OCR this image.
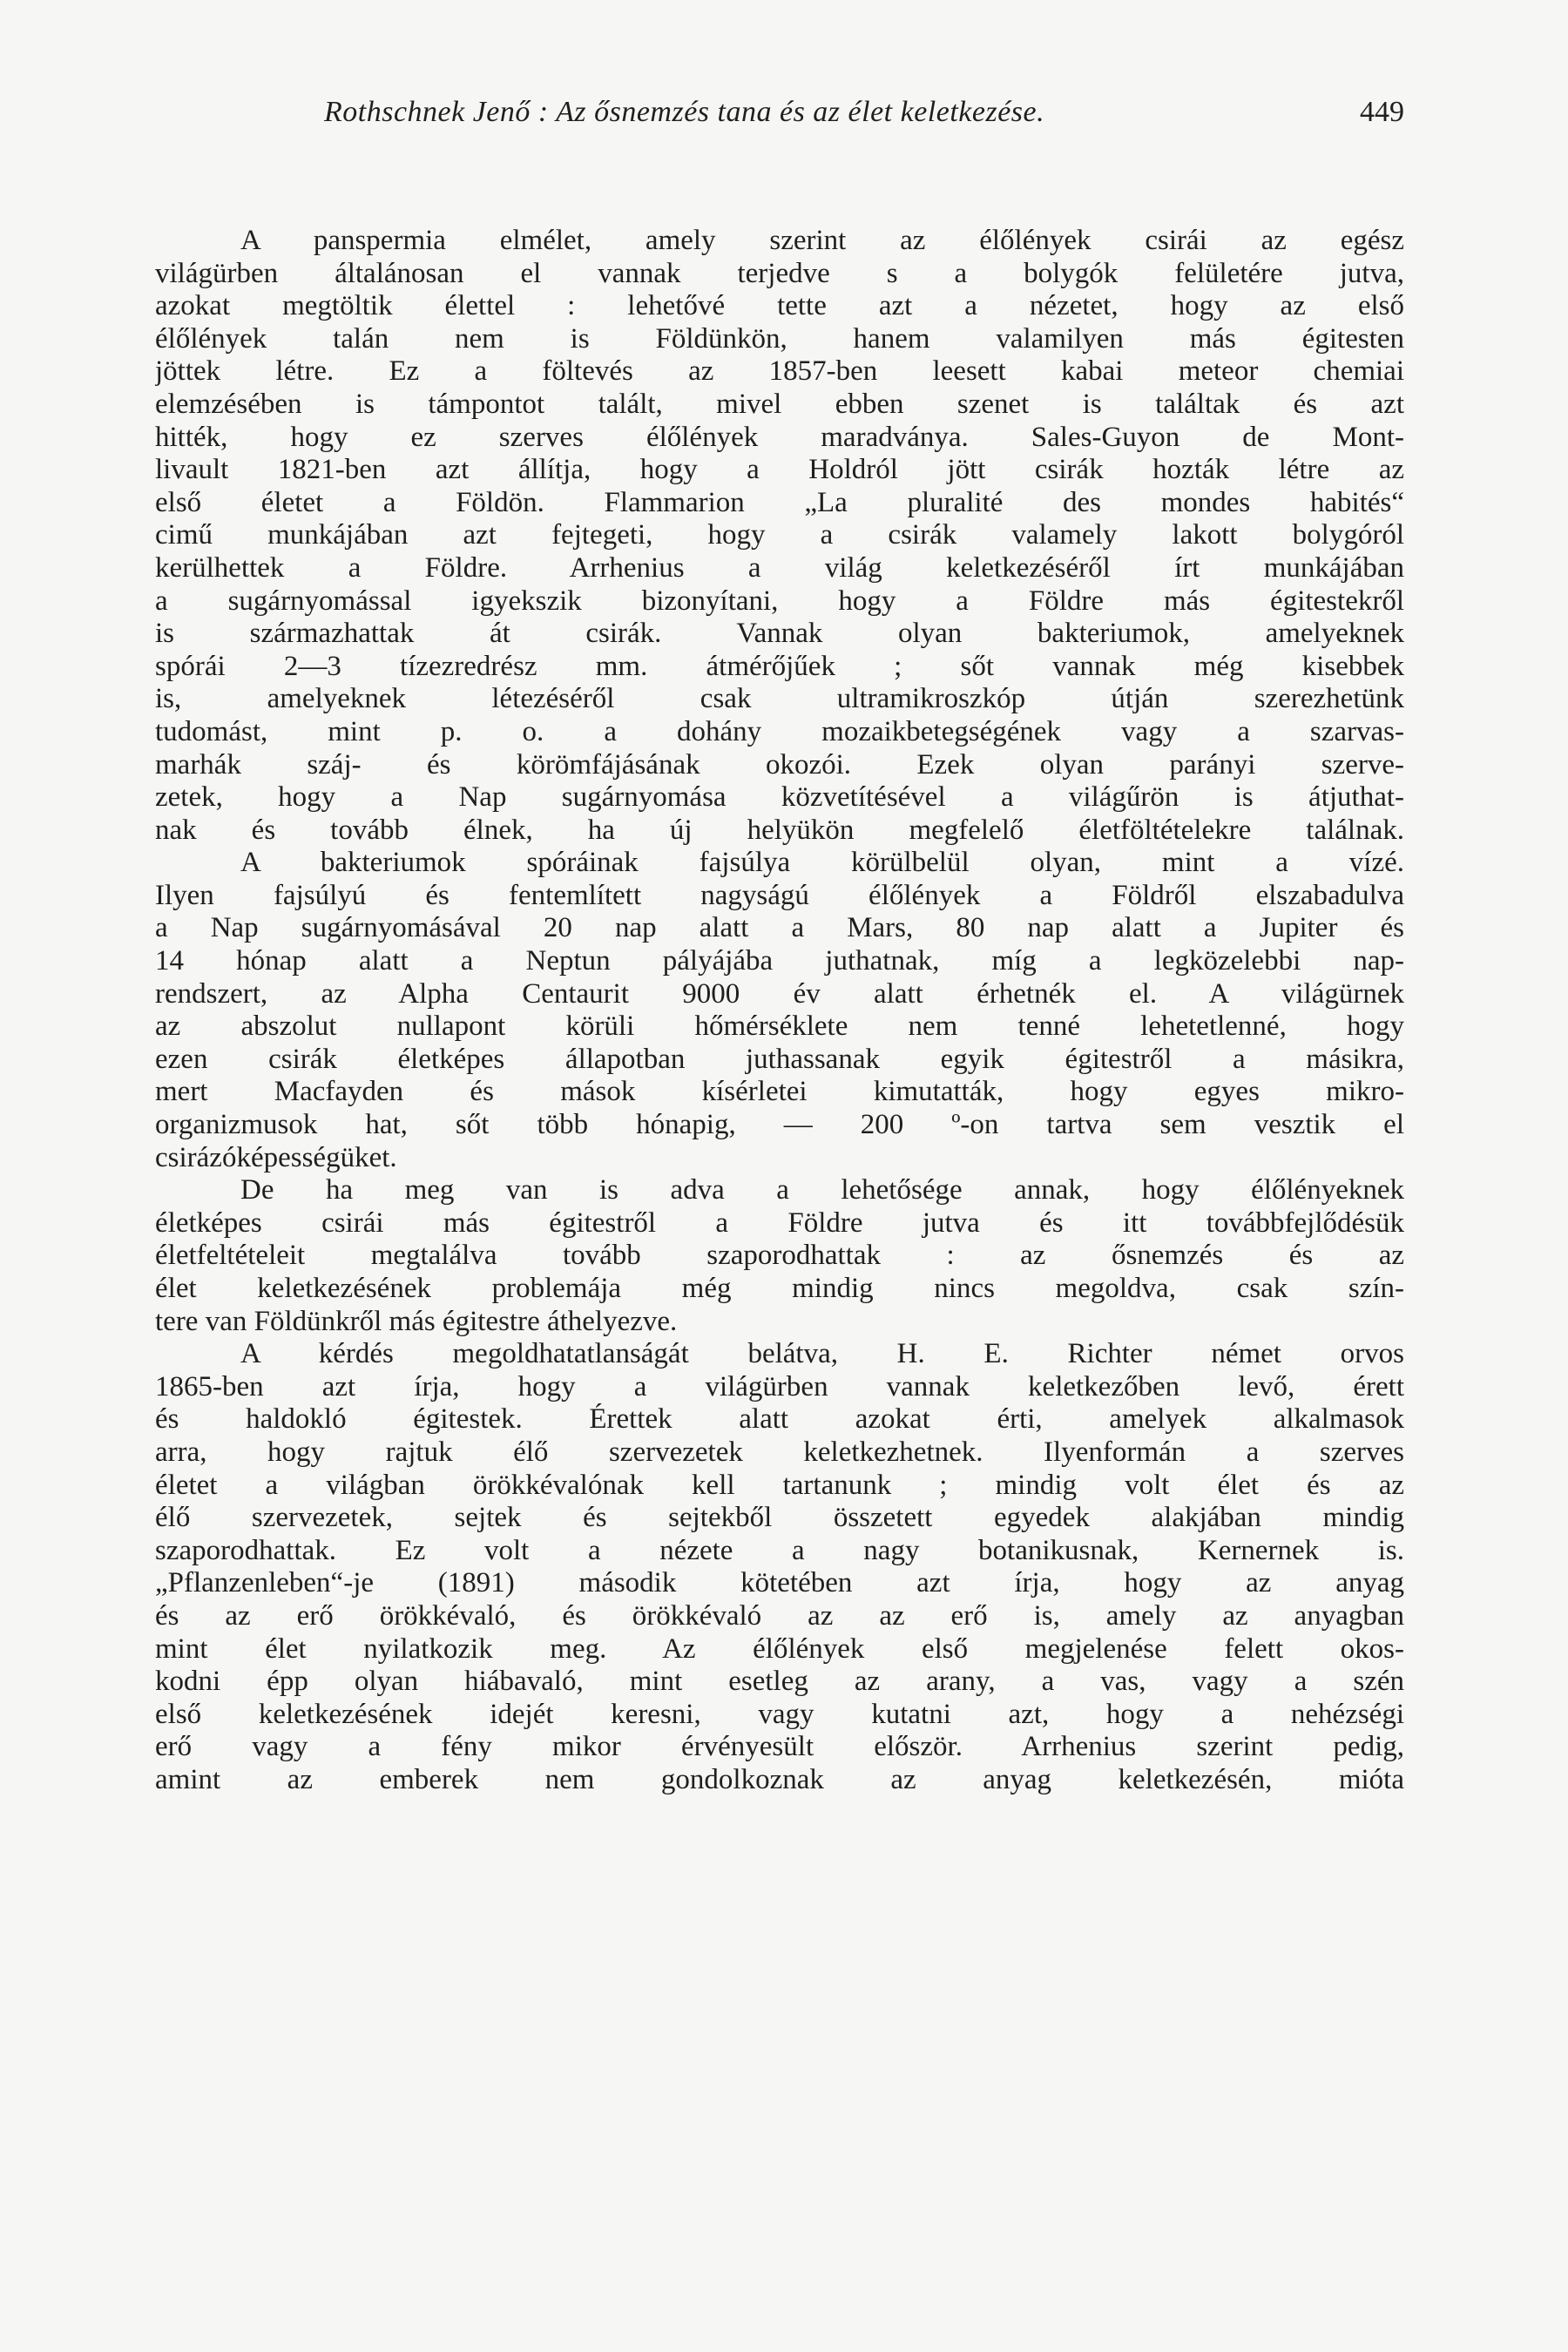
Rothschnek Jenő : Az ősnemzés tana és az élet keletkezése.	449
A panspermia elmélet, amely szerint az élőlények csirái az egész
világürben általánosan el vannak terjedve s a bolygók felületére jutva,
azokat megtöltik élettel : lehetővé tette azt a nézetet, hogy az első
élőlények talán nem is Földünkön, hanem valamilyen más égitesten
jöttek létre. Ez a föltevés az 1857-ben leesett kabai meteor chemiai
elemzésében is támpontot talált, mivel ebben szenet is találtak és azt
hitték, hogy ez szerves élőlények maradványa. Sales-Guyon de Mont-
livault 1821-ben azt állítja, hogy a Holdról jött csirák hozták létre az
első életet a Földön. Flammarion „La pluralité des mondes habités“
cimű munkájában azt fejtegeti, hogy a csirák valamely lakott bolygóról
kerülhettek a Földre. Arrhenius a világ keletkezéséről írt munkájában
a sugárnyomással igyekszik bizonyítani, hogy a Földre más égitestekről
is származhattak át csirák. Vannak olyan bakteriumok, amelyeknek
spórái 2—3 tízezredrész mm. átmérőjűek ; sőt vannak még kisebbek
is, amelyeknek létezéséről csak ultramikroszkóp útján szerezhetünk
tudomást, mint p. o. a dohány mozaikbetegségének vagy a szarvas-
marhák száj- és körömfájásának okozói. Ezek olyan parányi szerve-
zetek, hogy a Nap sugárnyomása közvetítésével a világűrön is átjuthat-
nak és tovább élnek, ha új helyükön megfelelő életföltételekre találnak.
A bakteriumok spóráinak fajsúlya körülbelül olyan, mint a vízé.
Ilyen fajsúlyú és fentemlített nagyságú élőlények a Földről elszabadulva
a Nap sugárnyomásával 20 nap alatt a Mars, 80 nap alatt a Jupiter és
14 hónap alatt a Neptun pályájába juthatnak, míg a legközelebbi nap-
rendszert, az Alpha Centaurit 9000 év alatt érhetnék el. A világürnek
az abszolut nullapont körüli hőmérséklete nem tenné lehetetlenné, hogy
ezen csirák életképes állapotban juthassanak egyik égitestről a másikra,
mert Macfayden és mások kísérletei kimutatták, hogy egyes mikro-
organizmusok hat, sőt több hónapig, — 200 º-on tartva sem vesztik el
csirázóképességüket.
De ha meg van is adva a lehetősége annak, hogy élőlényeknek
életképes csirái más égitestről a Földre jutva és itt továbbfejlődésük
életfeltételeit megtalálva tovább szaporodhattak : az ősnemzés és az
élet keletkezésének problemája még mindig nincs megoldva, csak szín-
tere van Földünkről más égitestre áthelyezve.
A kérdés megoldhatatlanságát belátva, H. E. Richter német orvos
1865-ben azt írja, hogy a világürben vannak keletkezőben levő, érett
és haldokló égitestek. Érettek alatt azokat érti, amelyek alkalmasok
arra, hogy rajtuk élő szervezetek keletkezhetnek. Ilyenformán a szerves
életet a világban örökkévalónak kell tartanunk ; mindig volt élet és az
élő szervezetek, sejtek és sejtekből összetett egyedek alakjában mindig
szaporodhattak. Ez volt a nézete a nagy botanikusnak, Kernernek is.
„Pflanzenleben“-je (1891) második kötetében azt írja, hogy az anyag
és az erő örökkévaló, és örökkévaló az az erő is, amely az anyagban
mint élet nyilatkozik meg. Az élőlények első megjelenése felett okos-
kodni épp olyan hiábavaló, mint esetleg az arany, a vas, vagy a szén
első keletkezésének idejét keresni, vagy kutatni azt, hogy a nehézségi
erő vagy a fény mikor érvényesült először. Arrhenius szerint pedig,
amint az emberek nem gondolkoznak az anyag keletkezésén, mióta
